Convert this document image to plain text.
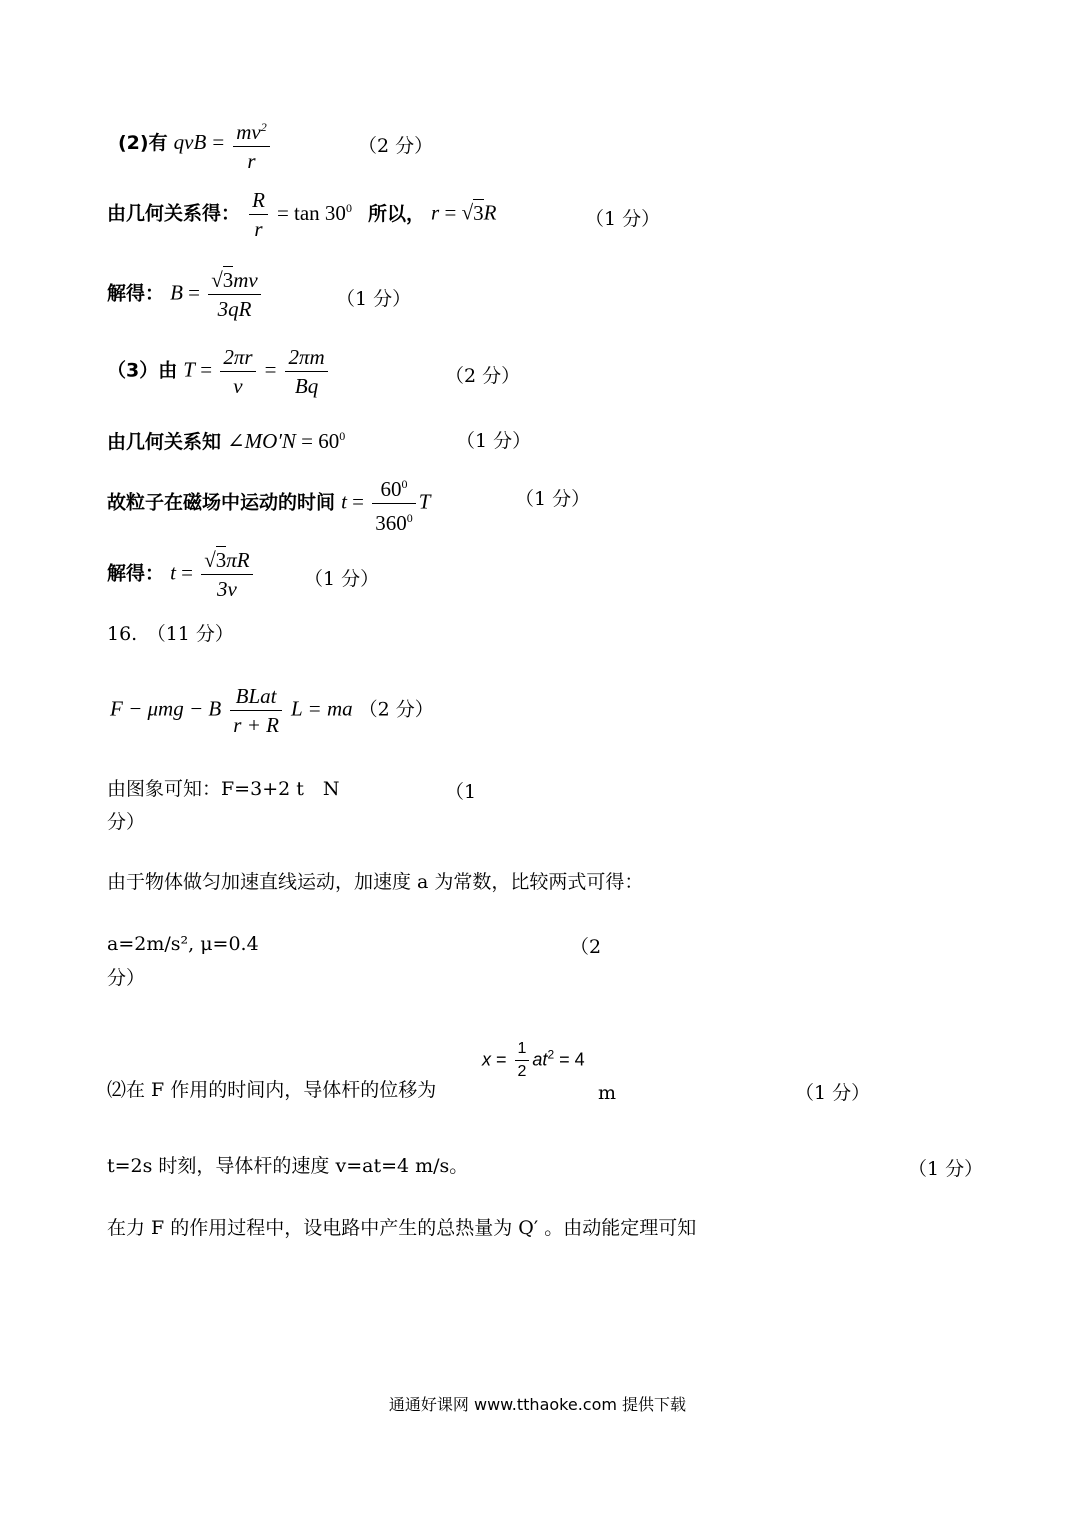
(2)有 qvB = $\frac{mv^2}{r}$	（2 分）
由几何关系得： $\frac{R}{r} = \tan 30^0$ 所以， r = √3R	（1 分）
解得： $B = \frac{√3mv}{3qR}$	（1 分）
（3）由 $T = \frac{2\pi r}{v} = \frac{2\pi m}{Bq}$	（2 分）
由几何关系知 ∠MO′N = $60^0$	（1 分）
故粒子在磁场中运动的时间 $t = \frac{60^0}{360^0}$ T	（1 分）
解得： $t = \frac{√3\pi R}{3v}$	（1 分）
16.　（11 分）
F − μmg − B $\frac{\text{BLat}}{r + R}$ L = ma （2 分）
由图象可知：F=3+2 t　N	（1
分）
由于物体做匀加速直线运动，加速度 a 为常数，比较两式可得：
a=2m/s², μ=0.4	（2
分）
⑵在 F 作用的时间内，导体杆的位移为
$x = \frac{1}{2} at^2 = 4$
m	（1 分）
t=2s 时刻，导体杆的速度 v=at=4 m/s。	（1 分）
在力 F 的作用过程中，设电路中产生的总热量为 Q′ 。由动能定理可知
通通好课网 www.tthaoke.com 提供下载
